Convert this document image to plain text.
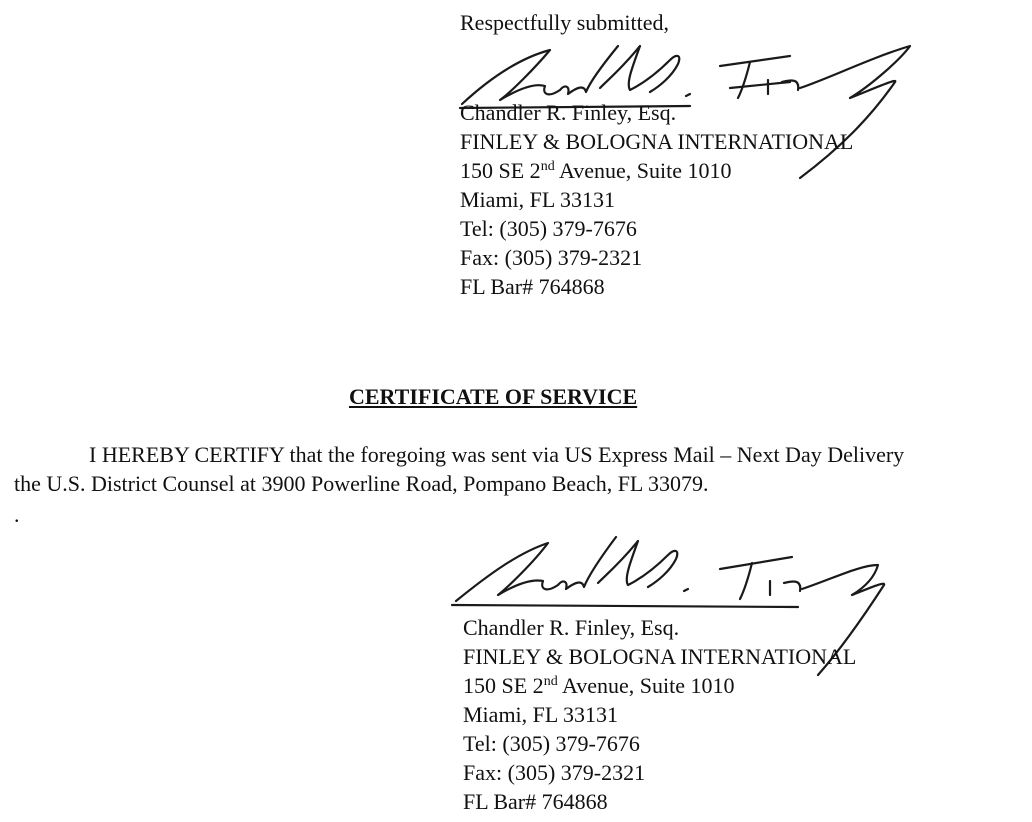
Respectfully submitted,
Chandler R. Finley, Esq.
FINLEY & BOLOGNA INTERNATIONAL
150 SE 2nd Avenue, Suite 1010
Miami, FL 33131
Tel: (305) 379-7676
Fax: (305) 379-2321
FL Bar# 764868
CERTIFICATE OF SERVICE
I HEREBY CERTIFY that the foregoing was sent via US Express Mail – Next Day Delivery
the U.S. District Counsel at 3900 Powerline Road, Pompano Beach, FL 33079.
.
Chandler R. Finley, Esq.
FINLEY & BOLOGNA INTERNATIONAL
150 SE 2nd Avenue, Suite 1010
Miami, FL 33131
Tel: (305) 379-7676
Fax: (305) 379-2321
FL Bar# 764868
